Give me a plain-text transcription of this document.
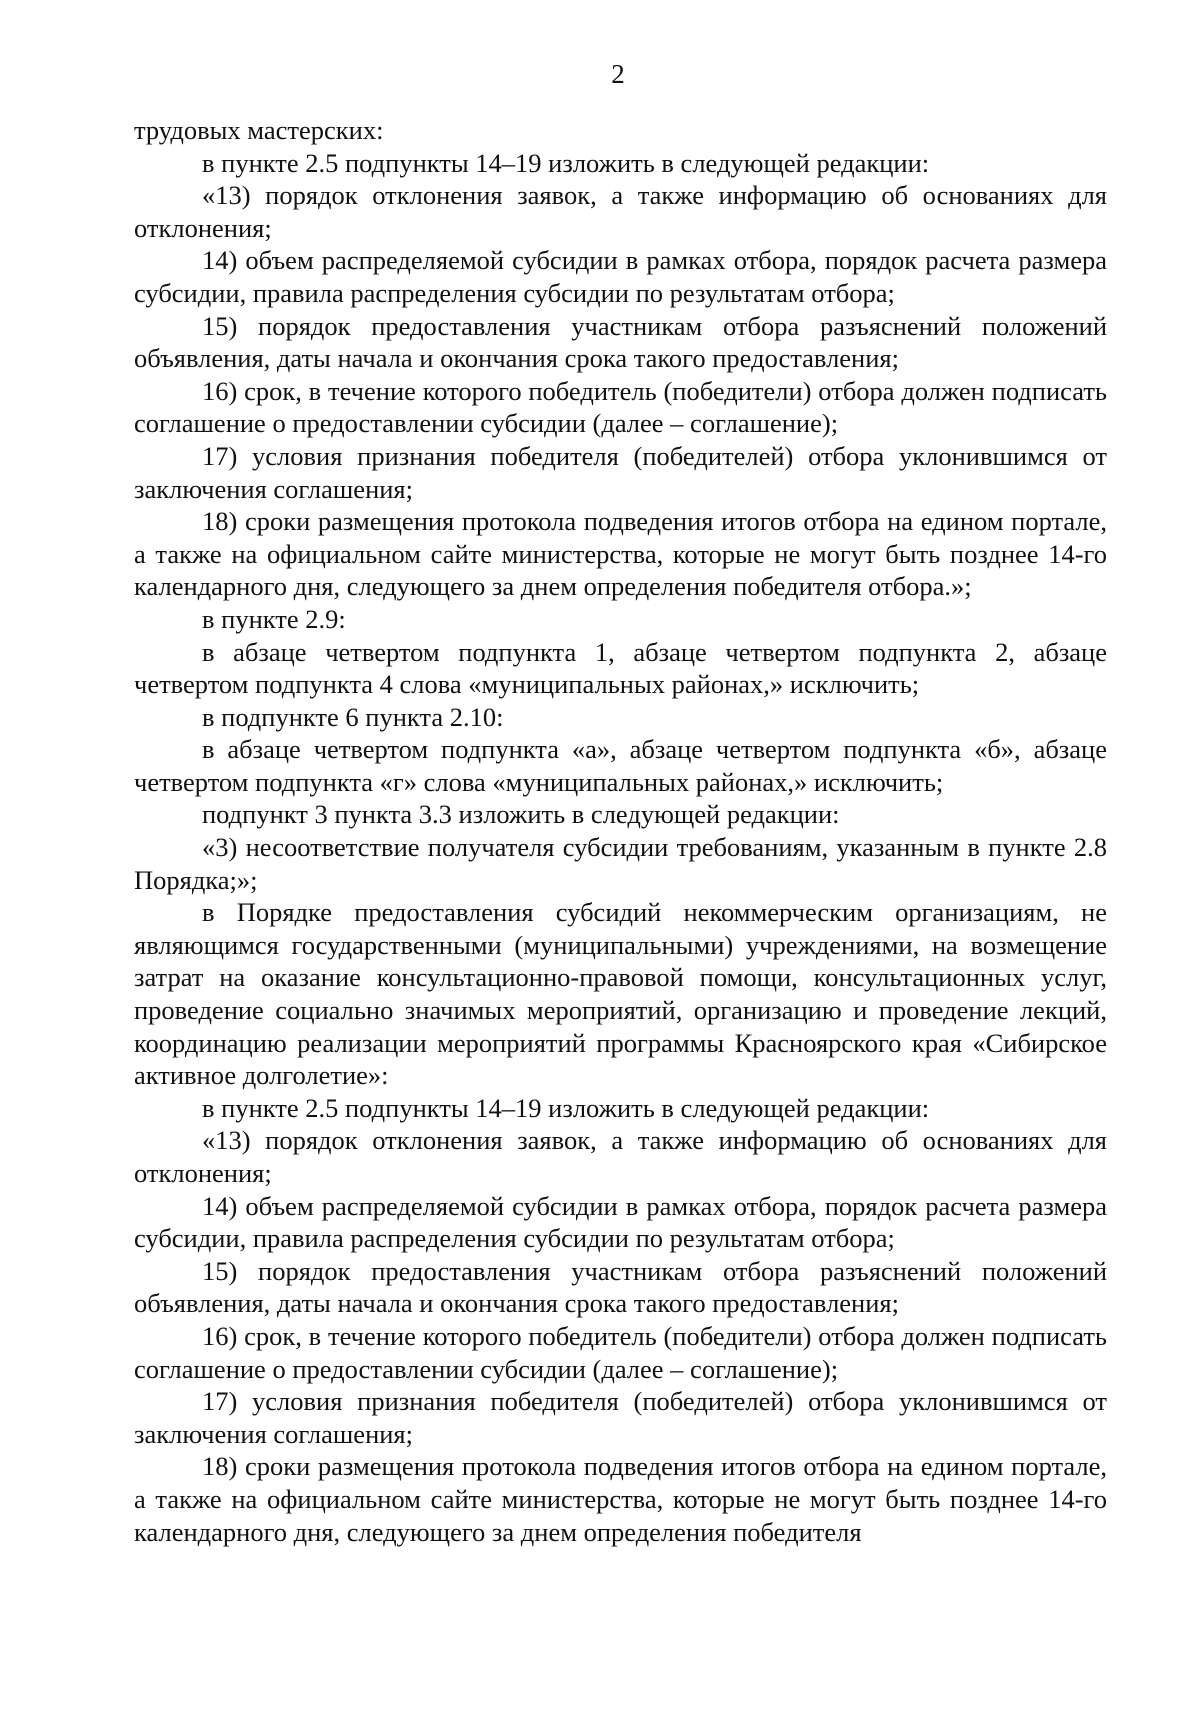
2

трудовых мастерских:

в пункте 2.5 подпункты 14–19 изложить в следующей редакции:

«13) порядок отклонения заявок, а также информацию об основаниях для отклонения;

14) объем распределяемой субсидии в рамках отбора, порядок расчета размера субсидии, правила распределения субсидии по результатам отбора;

15) порядок предоставления участникам отбора разъяснений положений объявления, даты начала и окончания срока такого предоставления;

16) срок, в течение которого победитель (победители) отбора должен подписать соглашение о предоставлении субсидии (далее – соглашение);

17) условия признания победителя (победителей) отбора уклонившимся от заключения соглашения;

18) сроки размещения протокола подведения итогов отбора на едином портале, а также на официальном сайте министерства, которые не могут быть позднее 14-го календарного дня, следующего за днем определения победителя отбора.»;

в пункте 2.9:

в абзаце четвертом подпункта 1, абзаце четвертом подпункта 2, абзаце четвертом подпункта 4 слова «муниципальных районах,» исключить;

в подпункте 6 пункта 2.10:

в абзаце четвертом подпункта «а», абзаце четвертом подпункта «б», абзаце четвертом подпункта «г» слова «муниципальных районах,» исключить;

подпункт 3 пункта 3.3 изложить в следующей редакции:

«3) несоответствие получателя субсидии требованиям, указанным в пункте 2.8 Порядка;»;

в Порядке предоставления субсидий некоммерческим организациям, не являющимся государственными (муниципальными) учреждениями, на возмещение затрат на оказание консультационно-правовой помощи, консультационных услуг, проведение социально значимых мероприятий, организацию и проведение лекций, координацию реализации мероприятий программы Красноярского края «Сибирское активное долголетие»:

в пункте 2.5 подпункты 14–19 изложить в следующей редакции:

«13) порядок отклонения заявок, а также информацию об основаниях для отклонения;

14) объем распределяемой субсидии в рамках отбора, порядок расчета размера субсидии, правила распределения субсидии по результатам отбора;

15) порядок предоставления участникам отбора разъяснений положений объявления, даты начала и окончания срока такого предоставления;

16) срок, в течение которого победитель (победители) отбора должен подписать соглашение о предоставлении субсидии (далее – соглашение);

17) условия признания победителя (победителей) отбора уклонившимся от заключения соглашения;

18) сроки размещения протокола подведения итогов отбора на едином портале, а также на официальном сайте министерства, которые не могут быть позднее 14-го календарного дня, следующего за днем определения победителя
